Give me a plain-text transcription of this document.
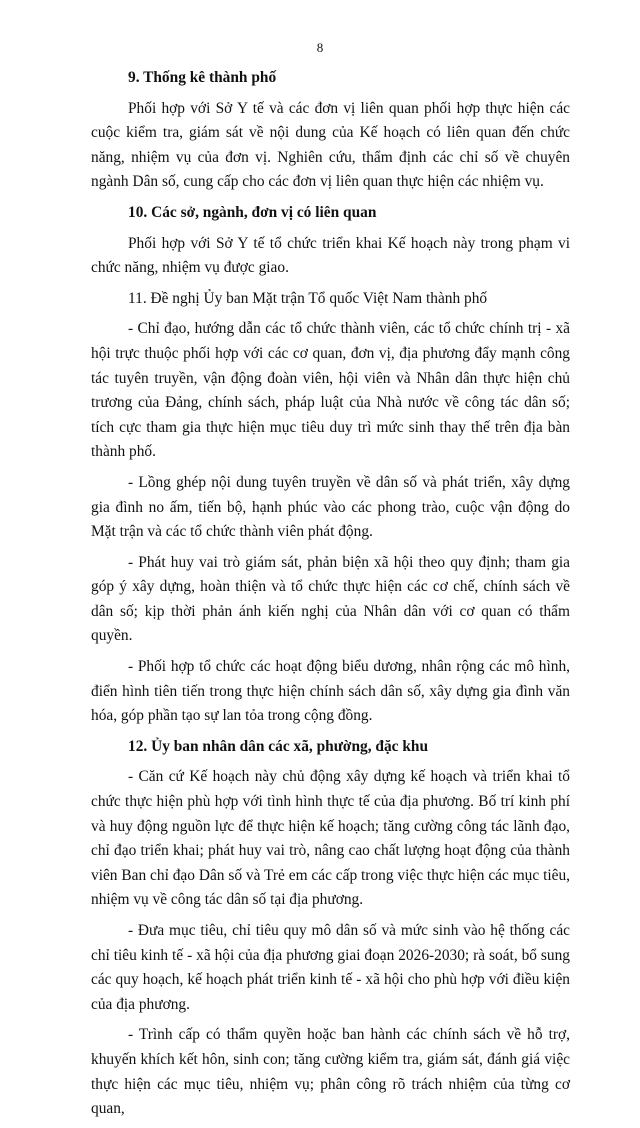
8
9. Thống kê thành phố
Phối hợp với Sở Y tế và các đơn vị liên quan phối hợp thực hiện các cuộc kiểm tra, giám sát về nội dung của Kế hoạch có liên quan đến chức năng, nhiệm vụ của đơn vị. Nghiên cứu, thẩm định các chỉ số về chuyên ngành Dân số, cung cấp cho các đơn vị liên quan thực hiện các nhiệm vụ.
10. Các sở, ngành, đơn vị có liên quan
Phối hợp với Sở Y tế tổ chức triển khai Kế hoạch này trong phạm vi chức năng, nhiệm vụ được giao.
11. Đề nghị Ủy ban Mặt trận Tổ quốc Việt Nam thành phố
- Chỉ đạo, hướng dẫn các tổ chức thành viên, các tổ chức chính trị - xã hội trực thuộc phối hợp với các cơ quan, đơn vị, địa phương đẩy mạnh công tác tuyên truyền, vận động đoàn viên, hội viên và Nhân dân thực hiện chủ trương của Đảng, chính sách, pháp luật của Nhà nước về công tác dân số; tích cực tham gia thực hiện mục tiêu duy trì mức sinh thay thế trên địa bàn thành phố.
- Lồng ghép nội dung tuyên truyền về dân số và phát triển, xây dựng gia đình no ấm, tiến bộ, hạnh phúc vào các phong trào, cuộc vận động do Mặt trận và các tổ chức thành viên phát động.
- Phát huy vai trò giám sát, phản biện xã hội theo quy định; tham gia góp ý xây dựng, hoàn thiện và tổ chức thực hiện các cơ chế, chính sách về dân số; kịp thời phản ánh kiến nghị của Nhân dân với cơ quan có thẩm quyền.
- Phối hợp tổ chức các hoạt động biểu dương, nhân rộng các mô hình, điển hình tiên tiến trong thực hiện chính sách dân số, xây dựng gia đình văn hóa, góp phần tạo sự lan tỏa trong cộng đồng.
12. Ủy ban nhân dân các xã, phường, đặc khu
- Căn cứ Kế hoạch này chủ động xây dựng kế hoạch và triển khai tổ chức thực hiện phù hợp với tình hình thực tế của địa phương. Bố trí kinh phí và huy động nguồn lực để thực hiện kế hoạch; tăng cường công tác lãnh đạo, chỉ đạo triển khai; phát huy vai trò, nâng cao chất lượng hoạt động của thành viên Ban chỉ đạo Dân số và Trẻ em các cấp trong việc thực hiện các mục tiêu, nhiệm vụ về công tác dân số tại địa phương.
- Đưa mục tiêu, chỉ tiêu quy mô dân số và mức sinh vào hệ thống các chỉ tiêu kinh tế - xã hội của địa phương giai đoạn 2026-2030; rà soát, bổ sung các quy hoạch, kế hoạch phát triển kinh tế - xã hội cho phù hợp với điều kiện của địa phương.
- Trình cấp có thẩm quyền hoặc ban hành các chính sách về hỗ trợ, khuyến khích kết hôn, sinh con; tăng cường kiểm tra, giám sát, đánh giá việc thực hiện các mục tiêu, nhiệm vụ; phân công rõ trách nhiệm của từng cơ quan,
